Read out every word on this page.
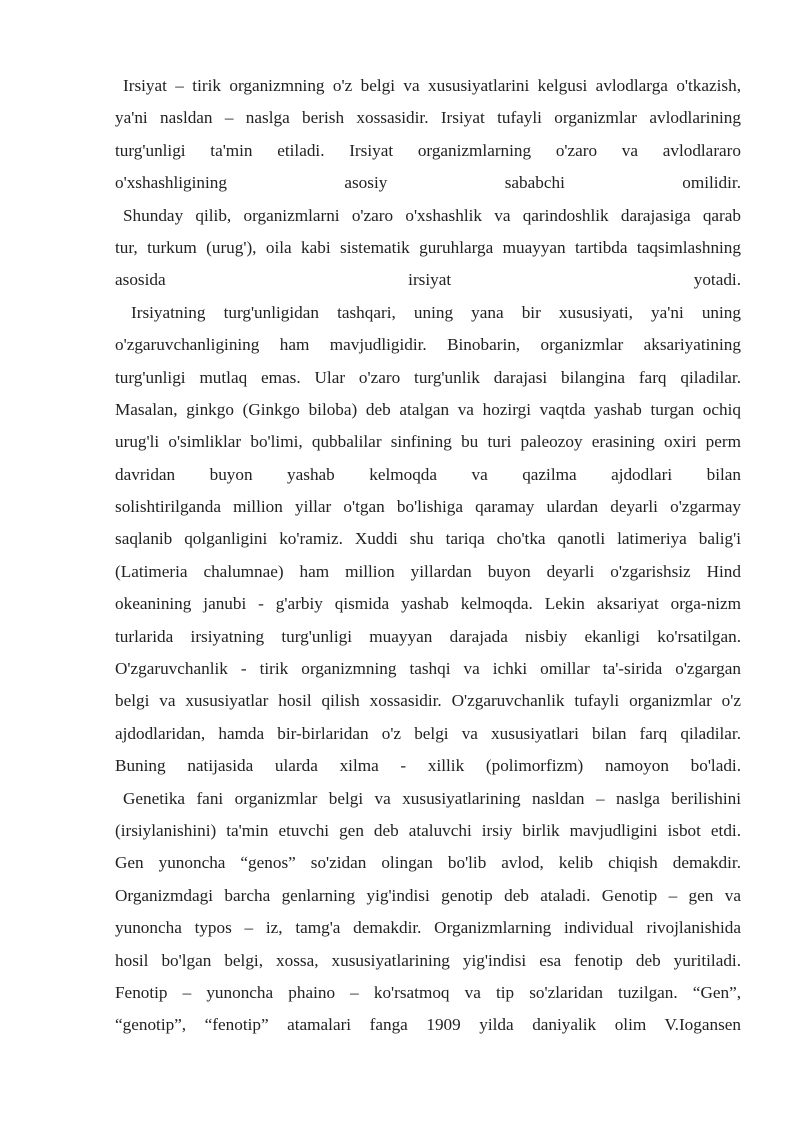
Irsiyat – tirik organizmning o'z belgi va xususiyatlarini kelgusi avlodlarga o'tkazish,
ya'ni nasldan – naslga berish xossasidir. Irsiyat tufayli organizmlar avlodlarining
turg'unligi ta'min etiladi. Irsiyat organizmlarning o'zaro va avlodlararo
o'xshashligining asosiy sababchi omilidir.
Shunday qilib, organizmlarni o'zaro o'xshashlik va qarindoshlik darajasiga qarab
tur, turkum (urug'), oila kabi sistematik guruhlarga muayyan tartibda taqsimlashning
asosida irsiyat yotadi.
Irsiyatning turg'unligidan tashqari, uning yana bir xususiyati, ya'ni uning
o'zgaruvchanligining ham mavjudligidir. Binobarin, organizmlar aksariyatining
turg'unligi mutlaq emas. Ular o'zaro turg'unlik darajasi bilangina farq qiladilar.
Masalan, ginkgo (Ginkgo biloba) deb atalgan va hozirgi vaqtda yashab turgan ochiq
urug'li o'simliklar bo'limi, qubbalilar sinfining bu turi paleozoy erasining oxiri perm
davridan buyon yashab kelmoqda va qazilma ajdodlari bilan
solishtirilganda million yillar o'tgan bo'lishiga qaramay ulardan deyarli o'zgarmay
saqlanib qolganligini ko'ramiz. Xuddi shu tariqa cho'tka qanotli latimeriya balig'i
(Latimeria chalumnae) ham million yillardan buyon deyarli o'zgarishsiz Hind
okeanining janubi - g'arbiy qismida yashab kelmoqda. Lekin aksariyat orga-nizm
turlarida irsiyatning turg'unligi muayyan darajada nisbiy ekanligi ko'rsatilgan.
O'zgaruvchanlik - tirik organizmning tashqi va ichki omillar ta'-sirida o'zgargan
belgi va xususiyatlar hosil qilish xossasidir. O'zgaruvchanlik tufayli organizmlar o'z
ajdodlaridan, hamda bir-birlaridan o'z belgi va xususiyatlari bilan farq qiladilar.
Buning natijasida ularda xilma - xillik (polimorfizm) namoyon bo'ladi.
Genetika fani organizmlar belgi va xususiyatlarining nasldan – naslga berilishini
(irsiylanishini) ta'min etuvchi gen deb ataluvchi irsiy birlik mavjudligini isbot etdi.
Gen yunoncha “genos” so'zidan olingan bo'lib avlod, kelib chiqish demakdir.
Organizmdagi barcha genlarning yig'indisi genotip deb ataladi. Genotip – gen va
yunoncha typos – iz, tamg'a demakdir. Organizmlarning individual rivojlanishida
hosil bo'lgan belgi, xossa, xususiyatlarining yig'indisi esa fenotip deb yuritiladi.
Fenotip – yunoncha phaino – ko'rsatmoq va tip so'zlaridan tuzilgan. “Gen”,
“genotip”, “fenotip” atamalari fanga 1909 yilda daniyalik olim V.Iogansen
